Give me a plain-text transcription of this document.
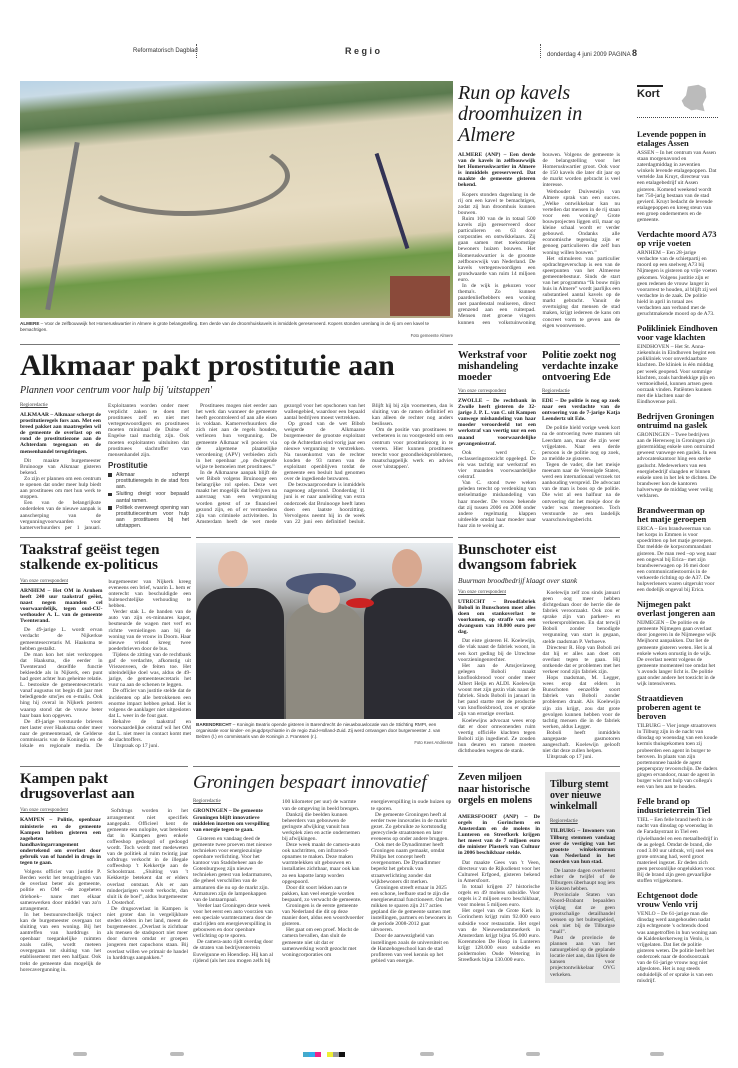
Reformatorisch Dagblad	R e g i o	donderdag 4 juni 2009 PAGINA 8
ALMERE – Voor de zelfbouwwijk het Homeruskwartier in Almere is grote belangstelling. Een derde van de droomhuiskavels is inmiddels gereserveerd. Kopers stonden urenlang in de rij om een kavel te bemachtigen.
Foto gemeente Almere
Run op kavels droomhuizen in Almere

ALMERE (ANP) – Een derde van de kavels in zelfbouwwijk het Homeruskwartier in Almere is inmiddels gereserveerd. Dat maakte de gemeente gisteren bekend.

Kopers stonden dagenlang in de rij om een kavel te bemachtigen, zodat zij hun droomhuis kunnen bouwen.

Ruim 100 van de in totaal 500 kavels zijn gereserveerd door particulieren en 63 door corporaties en ontwikkelaars. Zij gaan samen met toekomstige bewoners huizen bouwen. Het Homeruskwartier is de grootste zelfbouwwijk van Nederland. De kavels vertegenwoordigen een grondwaarde van ruim 14 miljoen euro.

In de wijk is gekozen voor thema's. Zo kunnen paardenliefhebbers een woning met paardenstal realiseren, direct grenzend aan een ruiterpad. Mensen met groene vingers kunnen een volkstuinwoning bouwen. Volgens de gemeente is de belangstelling voor het Homeruskwartier groot. Ook voor de 150 kavels die later dit jaar op de markt worden gebracht is veel interesse.

Wethouder Duivesteijn van Almere sprak van een succes. „Welke ontwikkelaar kan nu vertellen dat mensen in de rij staan voor een woning? Grote bouwprojecten liggen stil, maar op kleine schaal wordt er verder gebouwd. Ondanks alle economische tegenslag zijn er genoeg particulieren die zelf hun woning willen bouwen.”

Het stimuleren van particulier opdrachtgeverschap is een van de speerpunten van het Almeerse gemeentebestuur. Sinds de start van het programma “Ik bouw mijn huis in Almere” wordt jaarlijks een substantieel aantal kavels op de markt gebracht. Vanuit de overtuiging dat mensen de stad maken, krijgt iedereen de kans om concreet vorm te geven aan de eigen woonwensen.

Alkmaar pakt prostitutie aan
Plannen voor centrum voor hulp bij 'uitstappen'
Regioredactie

ALKMAAR – Alkmaar scherpt de prostitutieregels fors aan. Met een breed pakket aan maatregelen wil de gemeente de overlast op en rond de prostitutiezone aan de Achterdam tegengaan en de mensenhandel terugdringen.

Dit maakte burgemeester Bruinooge van Alkmaar gisteren bekend.

Zo zijn er plannen om een centrum te openen dat onder meer hulp biedt aan prostituees om met hun werk te stoppen.

Een van de belangrijkste onderdelen van de nieuwe aanpak is aanscherping van de vergunningvoorwaarden voor kamerverhuurders per 1 januari. Exploitanten worden onder meer verplicht zaken te doen met prostituees zelf en niet met vertegenwoordigers en prostituees moeten minimaal de Duitse of Engelse taal machtig zijn. Ook moeten exploitanten uitsluiten dat prostituees slachtoffer van mensenhandel zijn.

Prostitutie
Alkmaar scherpt prostitutieregels in de stad fors aan.
Sluiting dreigt voor bepaald aantal ramen.
Politiek overweegt opening van prostitutiecentrum voor hulp aan prostituees bij het uitstappen.

Prostituees mogen niet eerder aan het werk dan wanneer de gemeente heeft gecontroleerd of aan alle eisen is voldaan. Kamerverhuurders die zich niet aan de regels houden, verliezen hun vergunning. De gemeente Alkmaar wil pooiers via de algemene plaatselijke verordening (APV) verbieden zich in het openbaar „op dwingende wijze te bemoeien met prostituees.”

In de Alkmaarse aanpak blijft de wet Bibob volgens Bruinooge een belangrijke rol spelen. Deze wet maakt het mogelijk dat bedrijven na aanvraag van een vergunning worden getest of ze financieel gezond zijn, en of er vermoedens zijn van criminele activiteiten. In Amsterdam heeft de wet mede gezorgd voor het opschonen van het wallengebied, waardoor een bepaald aantal bedrijven moest vertrekken.

Op grond van de wet Bibob weigerde de Alkmaarse burgemeester de grootste exploitant op de Achterdam eind vorig jaar een nieuwe vergunning te verstrekken. Na tussenkomst van de rechter konden de 93 ramen van de exploitant openblijven totdat de gemeente een besluit had genomen over de ingediende bezwaren.

De bezwaarprocedure is inmiddels nagenoeg afgerond. Donderdag 11 juni is er naar aanleiding van extra onderzoek dat Bruinooge heeft laten doen een laatste hoorzitting. Vervolgens neemt hij in de week van 22 juni een definitief besluit. Blijft hij bij zijn voornemen, dan is sluiting van de ramen definitief en kan alleen de rechter nog anders beslissen.

Om de positie van prostituees te verbeteren is nu voorgesteld om een centrum voor prostitutiezorg in te voeren. Hier kunnen prostituees terecht voor gezondheidsproblemen, maatschappelijk werk en advies over 'uitstappen'.

Werkstraf voor mishandeling moeder
Van onze correspondent

ZWOLLE – De rechtbank in Zwolle heeft gisteren de 32-jarige J. P. L. van C. uit Kampen vanwege mishandeling van haar moeder veroordeeld tot een werkstraf van veertig uur en een maand voorwaardelijke gevangenisstraf.

Ook werd C. reclasseringstoezicht opgelegd. De eis was tachtig uur werkstraf en vier maanden voorwaardelijke celstraf.

Van C. stond twee weken geleden terecht op verdenking van stelselmatige mishandeling van haar moeder. De vrouw bekende dat zij tussen 2006 en 2008 onder andere regelmatig klappen uitdeelde omdat haar moeder naar haar zin te weinig at.

Politie zoekt nog verdachte inzake ontvoering Ede
Regioredactie

EDE – De politie is nog op zoek naar een verdachte van de ontvoering van de 7-jarige Katja Leendertz uit Ede.

De politie hield vorige week kort na de ontvoering twee mannen uit Leerdam aan, maar die zijn weer vrijgelaten. Naar een derde persoon is de politie nog op zoek, zo meldde ze gisteren.

Tegen de vader, die het meisje meenam naar de Verenigde Staten, werd een internationaal verzoek tot aanhouding verspreid. De advocaat van de man is boos op de politie. Die wist al een halfuur na de ontvoering dat het meisje door de vader was meegenomen. Toch verstuurde ze een landelijk waarschuwingsbericht.

Taakstraf geëist tegen stalkende ex-politicus
Van onze correspondent

ARNHEM – Het OM in Arnhem heeft 240 uur taakstraf geëist, naast negen maanden cel voorwaardelijk, tegen oud-CU-wethouder A. L. van de gemeente Twenterand.

De 49-jarige L. wordt ervan verdacht de Nijkerkse gemeentesecretaris M. Haaksma te hebben gestalkt.

De man kon het niet verkroppen dat Haaksma, die eerder in Twenterand dezelfde functie bekleedde als in Nijkerk, een punt had gezet achter hun geheime relatie. L. bestookte de gemeentesecretaris vanaf augustus tot begin dit jaar met beledigende sms'jes en e-mails. Ook hing hij overal in Nijkerk posters waarop stond dat de vrouw beter haar baan kon opgeven.

De 49-jarige verstuurde brieven met laster over Haaksma onder meer naar de gemeenteraad, de Gelderse commissaris van de Koningin en de lokale en regionale media. De burgemeester van Nijkerk kreeg eveneens een brief, waarin L. hem er onterecht van beschuldigde een buitenechtelijke verhouding te hebben.

Verder stak L. de banden van de auto van zijn ex-minnares kapot, besmeurde de wagen met verf en richtte vernielingen aan bij de woning van de vrouw in Doorn. Haar nieuwe vriend kreeg twee poederbrieven door de bus.

Tijdens de zitting van de rechtbank gaf de verdachte, afkomstig uit Vriezenveen, de feiten toe. Het uiteindelijke doel was, aldus de 49-jarige, de gemeentesecretaris het vuur na aan de schenen te leggen.

De officier van justitie stelde dat de incidenten op alle betrokkenen een enorme impact hebben gehad. Het is volgens de aanklager niet uitgesloten dat L. weer in de fout gaat.

Behalve de taakstraf en voorwaardelijke celstraf wil het OM dat L. niet meer in contact komt met de slachtoffers.

Uitspraak op 17 juni.

BARENDRECHT – Koningin Beatrix opende gisteren in Barendrecht de nieuwbouwlocatie van de Stichting RMPI, een organisatie voor kinder- en jeugdpsychiatrie in de regio Zuid-Holland-Zuid. Zij werd ontvangen door burgemeester J. van Belzen (l.) en commissaris van de Koningin J. Franssen (r.).
Foto Kees Andriesse
Bunschoter eist dwangsom fabriek
Buurman broodbedrijf klaagt over stank
Van onze correspondent

UTRECHT – Broodfabriek Boboli in Bunschoten moet alles doen om stankoverlast te voorkomen, op straffe van een dwangsom van 10.000 euro per dag.

Dat eiste gisteren H. Koelewijn, die vlak naast de fabriek woont, in een kort geding bij de Utrechtse voorzieningenrechter.

Het aan de Amsjoviaweg gelegen Boboli maakt knoflookbrood voor onder meer Albert Heijn en ALDI. Koelewijn woont met zijn gezin vlak naast de fabriek. Sinds Boboli in januari in het pand startte met de productie van knoflookbrood, zou er sprake zijn van ernstige overlast.

Koelewijns advocaat wees erop dat er door omwonenden ruim veertig officiële klachten tegen Boboli zijn ingediend. Ze zouden hun deuren en ramen moeten dichthouden wegens de stank.

Koelewijn zelf zou sinds januari geen oog meer hebben dichtgedaan door de herrie die de fabriek veroorzaakt. Ook zou er sprake zijn van parkeer- en verkeersproblemen. En dat terwijl Boboli zonder benodigde vergunning van start is gegaan, stelde raadsman P. Verhoeve.

Directeur R. Hop van Boboli zei dat hij er alles aan doet om overlast tegen te gaan. Hij ontkende dat er problemen met het verkeer rond zijn fabriek zijn.

Hops raadsman, M. Legger, wees erop dat elders in Bunschoten eenzelfde soort fabriek van Boboli zonder problemen draait. Als Koelewijn zijn zin krijgt, zou dat grote gevolgen kunnen hebben voor de tachtig mensen die in de fabriek werken, aldus Legger.

Boboli heeft inmiddels aangepaste gasmotoren aangeschaft. Koelewijn gelooft niet dat deze zullen helpen.

Uitspraak op 17 juni.

Kampen pakt drugsoverlast aan
Van onze correspondent

KAMPEN – Politie, openbaar ministerie en de gemeente Kampen hebben gisteren een zogeheten handhavingarrangement ondertekend om overlast door gebruik van of handel in drugs in tegen te gaan.

Volgens officier van justitie P. Berden werkt het terugdringen van de overlast beter als gemeente, politie en OM –de zogeheten driehoek– nauw met elkaar samenwerken door middel van zo'n arrangement.

In het bestuursrechtelijk traject kan de burgemeester overgaan tot sluiting van een woning. Bij het aantreffen van harddrugs in openbaar toegankelijke ruimten zoals cafés, wordt meteen overgegaan tot sluiting van het etablissement met een halfjaar. Ook trekt de gemeente dan mogelijk de horecavergunning in.

Softdrugs worden in het arrangement niet specifiek aangepakt. Officieel kent de gemeente een nulopite, wat betekent dat in Kampen geen enkele coffeeshop gedoogd of gedoogd wordt. Toch wordt met medeweten van de politiek al ruim twintig jaar softdrugs verkocht in de illegale coffeeshop 't Kekkertje aan de Schoolstraat. „Sluiting van 't Kekkertje betekent dat er elders overlast ontstaat. Als er aan minderjarigen wordt verkocht, dan sluit ik de boel”, aldus burgemeester J. Oosterhof.

De drugsoverlast in Kampen is niet groter dan in vergelijkbare steden elders in het land, meent de burgemeester. „Overlast is zichtbaar als mensen de stadspoort niet meer door durven omdat er groepen jongeren met capuchons staan. Bij overlast willen we primair de handel in harddrugs aanpakken.”

Groningen bespaart innovatief
Regioredactie

GRONINGEN – De gemeente Groningen blijft innovatieve middelen inzetten om verspilling van energie tegen te gaan.

Gisteren en vandaag deed de gemeente twee proeven met nieuwe technieken voor energiezuinige openbare verlichting. Voor het kantoor van Stadsbeheer aan de Gotenburgweg zijn nieuwe technieken getest van ledarmaturen, die geheel verschillen van de armaturen die nu op de markt zijn. Armaturen zijn de lampenkappen van de lantaarnpaal.

Verder laat Groningen deze week voor het eerst een auto voorzien van een speciale warmtecamera door de stad rijden om energieverspilling in gebouwen en door openbare verlichting op te sporen.

De camera-auto rijdt overdag door de straten van bedrijventerrein Euvelgunne en Hoendiep. Hij kan al rijdend (als het zou mogen zelfs bij 100 kilometer per uur) de warmte van de omgeving in beeld brengen.

Dankzij die beelden kunnen beheerders van gebouwen de geringste afwijking vanuit hun werkplek zien en actie ondernemen bij afwijkingen.

Deze week maakt de camera-auto ook nachtritten, om infrarood-opnames te maken. Deze maken warmtelekken uit gebouwen en installaties zichtbaar, maar ook kan zo een kapotte lamp worden opgespoord.

Door dit soort lekken aan te pakken, kan veel energie worden bespaard, zo verwacht de gemeente.

Groningen is de eerste gemeente van Nederland die dit op deze manier doet, aldus een woordvoerder gisteren.

Het gaat om een proef. Mocht de camera bevallen, dan sluit de gemeente niet uit dat er samenwerking wordt gezocht met woningcorporaties om energieverspilling in oude huizen op te sporen.

De gemeente Groningen heeft al eerder twee innovaties in de markt gezet. Zo gebruikte ze kortstondig gerecyclede straatstenen en later eveneens op onder andere bruggen.

Ook met de Dynadimmer heeft Groningen naam gemaakt, omdat Philips het concept heeft overgenomen. De Dynadimmer beperkt het gebruik van straatverlichting zonder dat wijkbewoners dit merken.

Groningen streeft ernaar in 2025 een schone, leefbare stad te zijn die energieneutraal functioneert. Om het mikken te sparen zijn 217 acties gepland die de gemeente samen met instellingen, partners en bewoners in de periode 2008-2012 gaat uitvoeren.

Door de aanwezigheid van instellingen zoals de universiteit en de Hanzehogeschool kan de stad profiteren van veel kennis op het gebied van energie.

Zeven miljoen naar historische orgels en molens

AMERSFOORT (ANP) – De orgels in Gorinchem en Amsterdam en de molens in Lunteren en Streefkerk krijgen het meest van de 7 miljoen euro die minister Plasterk van Cultuur in 2006 beschikbaar stelde.

Dat maakte Gees van 't Veen, directeur van de Rijksdienst voor het Cultureel Erfgoed, gisteren bekend in Amersfoort.

In totaal krijgen 27 historische orgels en 49 molens subsidie. Voor orgels is 2 miljoen euro beschikbaar, voor molens 5 miljoen euro.

Het orgel van de Grote Kerk in Gorinchem krijgt ruim 92.000 euro subsidie voor restauratie. Het orgel van de Nieuwendammerkerk in Amsterdam krijgt bijna 95.000 euro. Korenmolen De Hoop in Lunteren krijgt 128.000 euro subsidie en poldermolen Oude Wetering in Streefkerk bijna 130.000 euro.

Tilburg stemt over nieuwe winkelmall
Regioredactie

TILBURG – Inwoners van Tilburg stemmen vandaag over de vestiging van het grootste winkelcentrum van Nederland in het noorden van hun stad.

De laatste dagen overheerst echter de twijfel of de Tilburgers überhaupt nog iets te kiezen hebben.

Provinciale Staten van Noord-Brabant bepaalden vrijdag dat ze geen grootschalige detailhandel wensen op het buitengebied, ook niet bij de Tilburgse “mall”.

Past de provincie de plannen aan van het natuurgebied op de geplande locatie niet aan, dan lijken de kansen voor projectontwikkelaar OVG verkeken.

Kort
Levende poppen in etalages Assen
ASSEN – In het centrum van Assen staan morgenavond en zaterdagmiddag in zeventien winkels levende etalagepoppen. Dat vertelde Jan Kruyt, directeur van een etalagebedrijf uit Assen gisteren. Komend weekend wordt het 750-jarig bestaan van de stad gevierd. Kruyt bedacht de levende etalagepoppen en kreeg steun van een groep ondernemers en de gemeente.
Verdachte moord A73 op vrije voeten
ARNHEM – Een 28-jarige verdachte van de schietpartij en moord op een snelweg A73 bij Nijmegen is gisteren op vrije voeten gekomen. Volgens justitie zijn er geen redenen de vrouw langer in voorarrest te houden, al blijft zij wel verdachte in de zaak. De politie hield in april in totaal zes verdachten aan verband met de geruchtmakende moord op de A73.
Polikliniek Eindhoven voor vage klachten
EINDHOVEN – Het St. Anna-ziekenhuis in Eindhoven begint een polikliniek voor onverklaarbare klachten. De kliniek is één middag per week geopend. Voor sommige klachten, zoals hardnekkige pijn en vermoeidheid, kunnen artsen geen oorzaak vinden. Patiënten kunnen met die klachten naar de Eindhovense poli.
Bedrijven Groningen ontruimd na gaslek
GRONINGEN – Twee bedrijven aan de Heresweg in Groningen zijn gistermiddag enkele uren ontruimd geweest vanwege een gaslek. In een advocatenkantoor hing een sterke gaslucht. Medewerkers van een energiebedrijf slaagden er binnen enkele uren in het lek te dichten. De brandweer kon de kantoren halverwege de middag weer veilig verklaren.
Brandweerman op het matje geroepen
ERICA – Een brandweerman van het korps in Emmen is voor spoedritten op het matje geroepen. Dat meldde de korpscommandant gisteren. De man reed –op weg naar een ongeval bij Erica– met zijn brandweerwagen op 16 mei door een communicatiestoornis in de verkeerde richting op de A37. De hulpverleners waren uitgerukt voor een dodelijk ongeval bij Erica.
Nijmegen pakt overlast jongeren aan
NIJMEGEN – De politie en de gemeente Nijmegen gaan overlast door jongeren in de Nijmeegse wijk Meijhorst aanpakken. Dat liet de gemeente gisteren weten. Het is al enkele weken onrustig in de wijk. De overlast neemt volgens de gemeente momenteel toe omdat het 's avonds langer licht is. De politie gaat onder andere het toezicht in de wijk intensiveren.
Straatdieven proberen agent te beroven
TILBURG – Vier jonge straatrovers in Tilburg zijn in de nacht van dinsdag op woensdag van een koude kermis thuisgekomen toen zij probeerden een agent in burger te beroven. In plaats van zijn portemonnee haalde de agent pepperspray tevoorschijn. De daders gingen ervandoor, maar de agent in burger wist met hulp van collega's een van hen aan te houden.
Felle brand op industrieterrein Tiel
TIEL – Een felle brand heeft in de nacht van dinsdag op woensdag in de Faradaystraat in Tiel een rijwielhandel en een metaalbedrijf in de as gelegd. Omdat de brand, die rond 3.00 uur uitbrak, vrij snel een grote omvang had, werd groot materieel ingezet. Er deden zich geen persoonlijke ongelukken voor. Bij de brand zijn geen gevaarlijke stoffen vrijgekomen.
Echtgenoot dode vrouw Venlo vrij
VENLO – De 61-jarige man die dinsdag werd aangehouden nadat zijn echtgenote 's ochtends dood was aangetroffen in hun woning aan de Kaldenkerkerweg in Venlo, is vrijgelaten. Dat liet de politie gisteren weten. De politie heeft het onderzoek naar de doodsoorzaak van de 61-jarige vrouw nog niet afgesloten. Het is nog steeds onduidelijk of er sprake is van een misdrijf.
